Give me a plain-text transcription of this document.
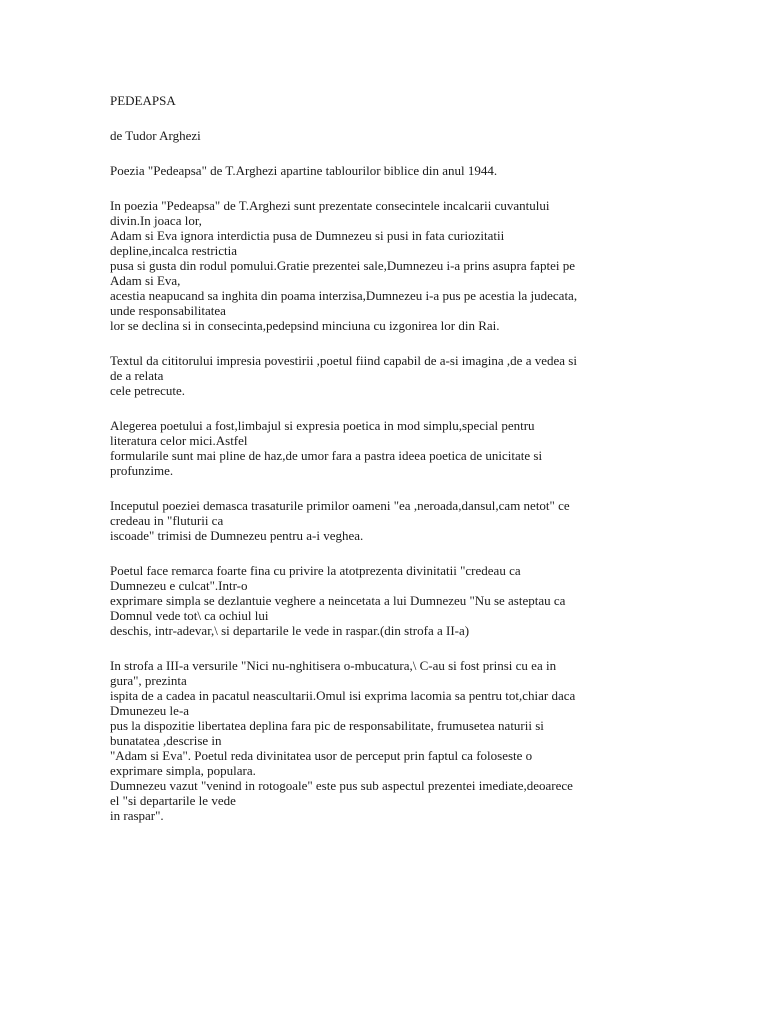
PEDEAPSA
de Tudor Arghezi
Poezia "Pedeapsa" de T.Arghezi apartine tablourilor biblice din anul 1944.
In poezia "Pedeapsa" de T.Arghezi sunt prezentate consecintele incalcarii cuvantului
divin.In joaca lor,
Adam si Eva ignora interdictia pusa de Dumnezeu si pusi in fata curiozitatii
depline,incalca restrictia
pusa si gusta din rodul pomului.Gratie prezentei sale,Dumnezeu i-a prins asupra faptei pe
Adam si Eva,
acestia neapucand sa inghita din poama interzisa,Dumnezeu i-a pus pe acestia la judecata,
unde responsabilitatea
lor se declina si in consecinta,pedepsind minciuna cu izgonirea lor din Rai.
Textul da cititorului impresia povestirii ,poetul fiind capabil de a-si imagina ,de a vedea si
de a relata
cele petrecute.
Alegerea poetului a fost,limbajul si expresia poetica in mod simplu,special pentru
literatura celor mici.Astfel
formularile sunt mai pline de haz,de umor fara a pastra ideea poetica de unicitate si
profunzime.
Inceputul poeziei demasca trasaturile primilor oameni "ea ,neroada,dansul,cam netot" ce
credeau in "fluturii ca
iscoade" trimisi de Dumnezeu pentru a-i veghea.
Poetul face remarca foarte fina cu privire la atotprezenta divinitatii "credeau ca
Dumnezeu e culcat".Intr-o
exprimare simpla se dezlantuie veghere a neincetata a lui Dumnezeu "Nu se asteptau ca
Domnul vede tot\ ca ochiul lui
deschis, intr-adevar,\ si departarile le vede in raspar.(din strofa a II-a)
In strofa a III-a versurile "Nici nu-nghitisera o-mbucatura,\ C-au si fost prinsi cu ea in
gura", prezinta
ispita de a cadea in pacatul neascultarii.Omul isi exprima lacomia sa pentru tot,chiar daca
Dmunezeu le-a
pus la dispozitie libertatea deplina fara pic de responsabilitate, frumusetea naturii si
bunatatea ,descrise in
"Adam si Eva". Poetul reda divinitatea usor de perceput prin faptul ca foloseste o
exprimare simpla, populara.
Dumnezeu vazut "venind in rotogoale" este pus sub aspectul prezentei imediate,deoarece
el "si departarile le vede
in raspar".
